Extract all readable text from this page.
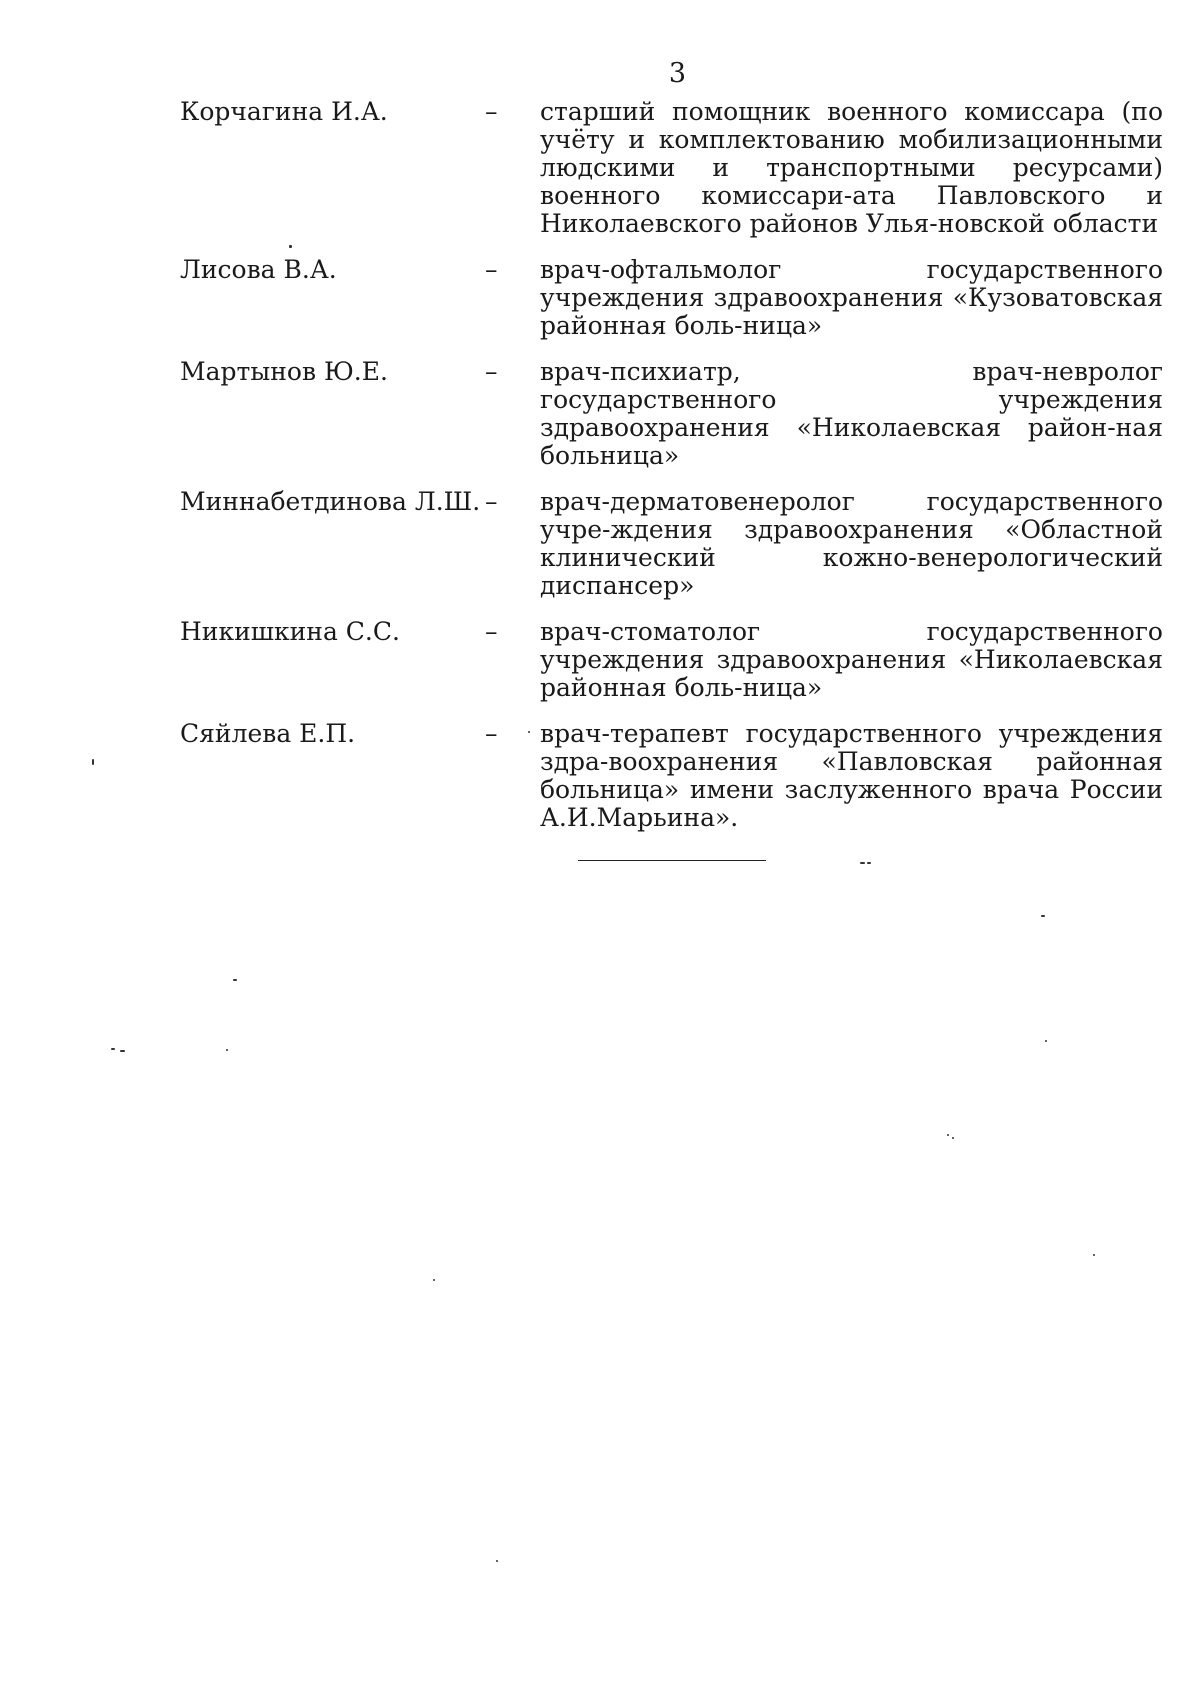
3
Корчагина И.А.	–	старший помощник военного комиссара (по учёту и комплектованию мобилизационными людскими и транспортными ресурсами) военного комиссари-ата Павловского и Николаевского районов Улья-новской области
Лисова В.А.	–	врач-офтальмолог государственного учреждения здравоохранения «Кузоватовская районная боль-ница»
Мартынов Ю.Е.	–	врач-психиатр, врач-невролог государственного учреждения здравоохранения «Николаевская район-ная больница»
Миннабетдинова Л.Ш. –	врач-дерматовенеролог государственного учре-ждения здравоохранения «Областной клинический кожно-венерологический диспансер»
Никишкина С.С.	–	врач-стоматолог государственного учреждения здравоохранения «Николаевская районная боль-ница»
Сяйлева Е.П.	–	врач-терапевт государственного учреждения здра-воохранения «Павловская районная больница» имени заслуженного врача России А.И.Марьина».
